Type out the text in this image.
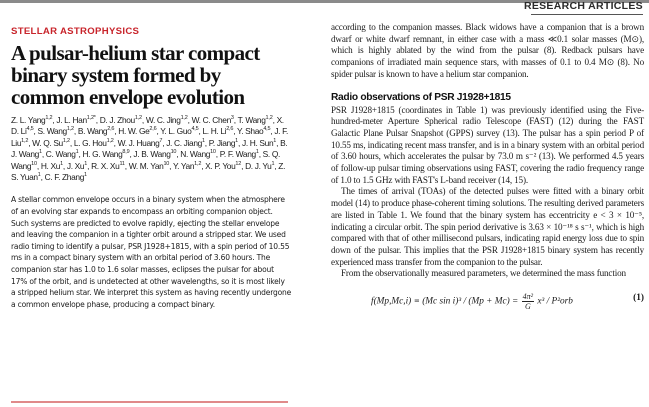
RESEARCH ARTICLES
STELLAR ASTROPHYSICS
A pulsar-helium star compact binary system formed by common envelope evolution
Z. L. Yang$^{1,2}$, J. L. Han$^{1,2*}$, D. J. Zhou$^{1,2}$, W. C. Jing$^{1,2}$, W. C. Chen$^3$, T. Wang$^{1,2}$, X. D. Li$^{4,5}$, S. Wang$^{1,2}$, B. Wang$^{2,6}$, H. W. Ge$^{2,6}$, Y. L. Guo$^{4,5}$, L. H. Li$^{2,6}$, Y. Shao$^{4,5}$, J. F. Liu$^{1,2}$, W. Q. Su$^{1,2}$, L. G. Hou$^{1,2}$, W. J. Huang$^7$, J. C. Jiang$^1$, P. Jiang$^1$, J. H. Sun$^1$, B. J. Wang$^1$, C. Wang$^1$, H. G. Wang$^{8,9}$, J. B. Wang$^{10}$, N. Wang$^{10}$, P. F. Wang$^1$, S. Q. Wang$^{10}$, H. Xu$^1$, J. Xu$^1$, R. X. Xu$^{11}$, W. M. Yan$^{10}$, Y. Yan$^{1,2}$, X. P. You$^{12}$, D. J. Yu$^1$, Z. S. Yuan$^1$, C. F. Zhang$^1$

A stellar common envelope occurs in a binary system when the atmosphere of an evolving star expands to encompass an orbiting companion object. Such systems are predicted to evolve rapidly, ejecting the stellar envelope and leaving the companion in a tighter orbit around a stripped star. We used radio timing to identify a pulsar, PSR J1928+1815, with a spin period of 10.55 ms in a compact binary system with an orbital period of 3.60 hours. The companion star has 1.0 to 1.6 solar masses, eclipses the pulsar for about 17% of the orbit, and is undetected at other wavelengths, so it is most likely a stripped helium star. We interpret this system as having recently undergone a common envelope phase, producing a compact binary.

according to the companion masses. Black widows have a companion that is a brown dwarf or white dwarf remnant, in either case with a mass ≪0.1 solar masses (M⊙), which is highly ablated by the wind from the pulsar (8). Redback pulsars have companions of irradiated main sequence stars, with masses of 0.1 to 0.4 M⊙ (8). No spider pulsar is known to have a helium star companion.

Radio observations of PSR J1928+1815

PSR J1928+1815 (coordinates in Table 1) was previously identified using the Five-hundred-meter Aperture Spherical radio Telescope (FAST) (12) during the FAST Galactic Plane Pulsar Snapshot (GPPS) survey (13). The pulsar has a spin period P of 10.55 ms, indicating recent mass transfer, and is in a binary system with an orbital period of 3.60 hours, which accelerates the pulsar by 73.0 m s⁻² (13). We performed 4.5 years of follow-up pulsar timing observations using FAST, covering the radio frequency range of 1.0 to 1.5 GHz with FAST's L-band receiver (14, 15).

The times of arrival (TOAs) of the detected pulses were fitted with a binary orbit model (14) to produce phase-coherent timing solutions. The resulting derived parameters are listed in Table 1. We found that the binary system has eccentricity e < 3 × 10⁻⁵, indicating a circular orbit. The spin period derivative is 3.63 × 10⁻¹⁸ s s⁻¹, which is high compared with that of other millisecond pulsars, indicating rapid energy loss due to spin down of the pulsar. This implies that the PSR J1928+1815 binary system has recently experienced mass transfer from the companion to the pulsar.

From the observationally measured parameters, we determined the mass function

f(Mp,Mc,i) ≡ (Mc $\sin i)^3 / (Mp + Mc) = \frac{\text{4π²}}{G} x^3 / P^2orb$	(1)
